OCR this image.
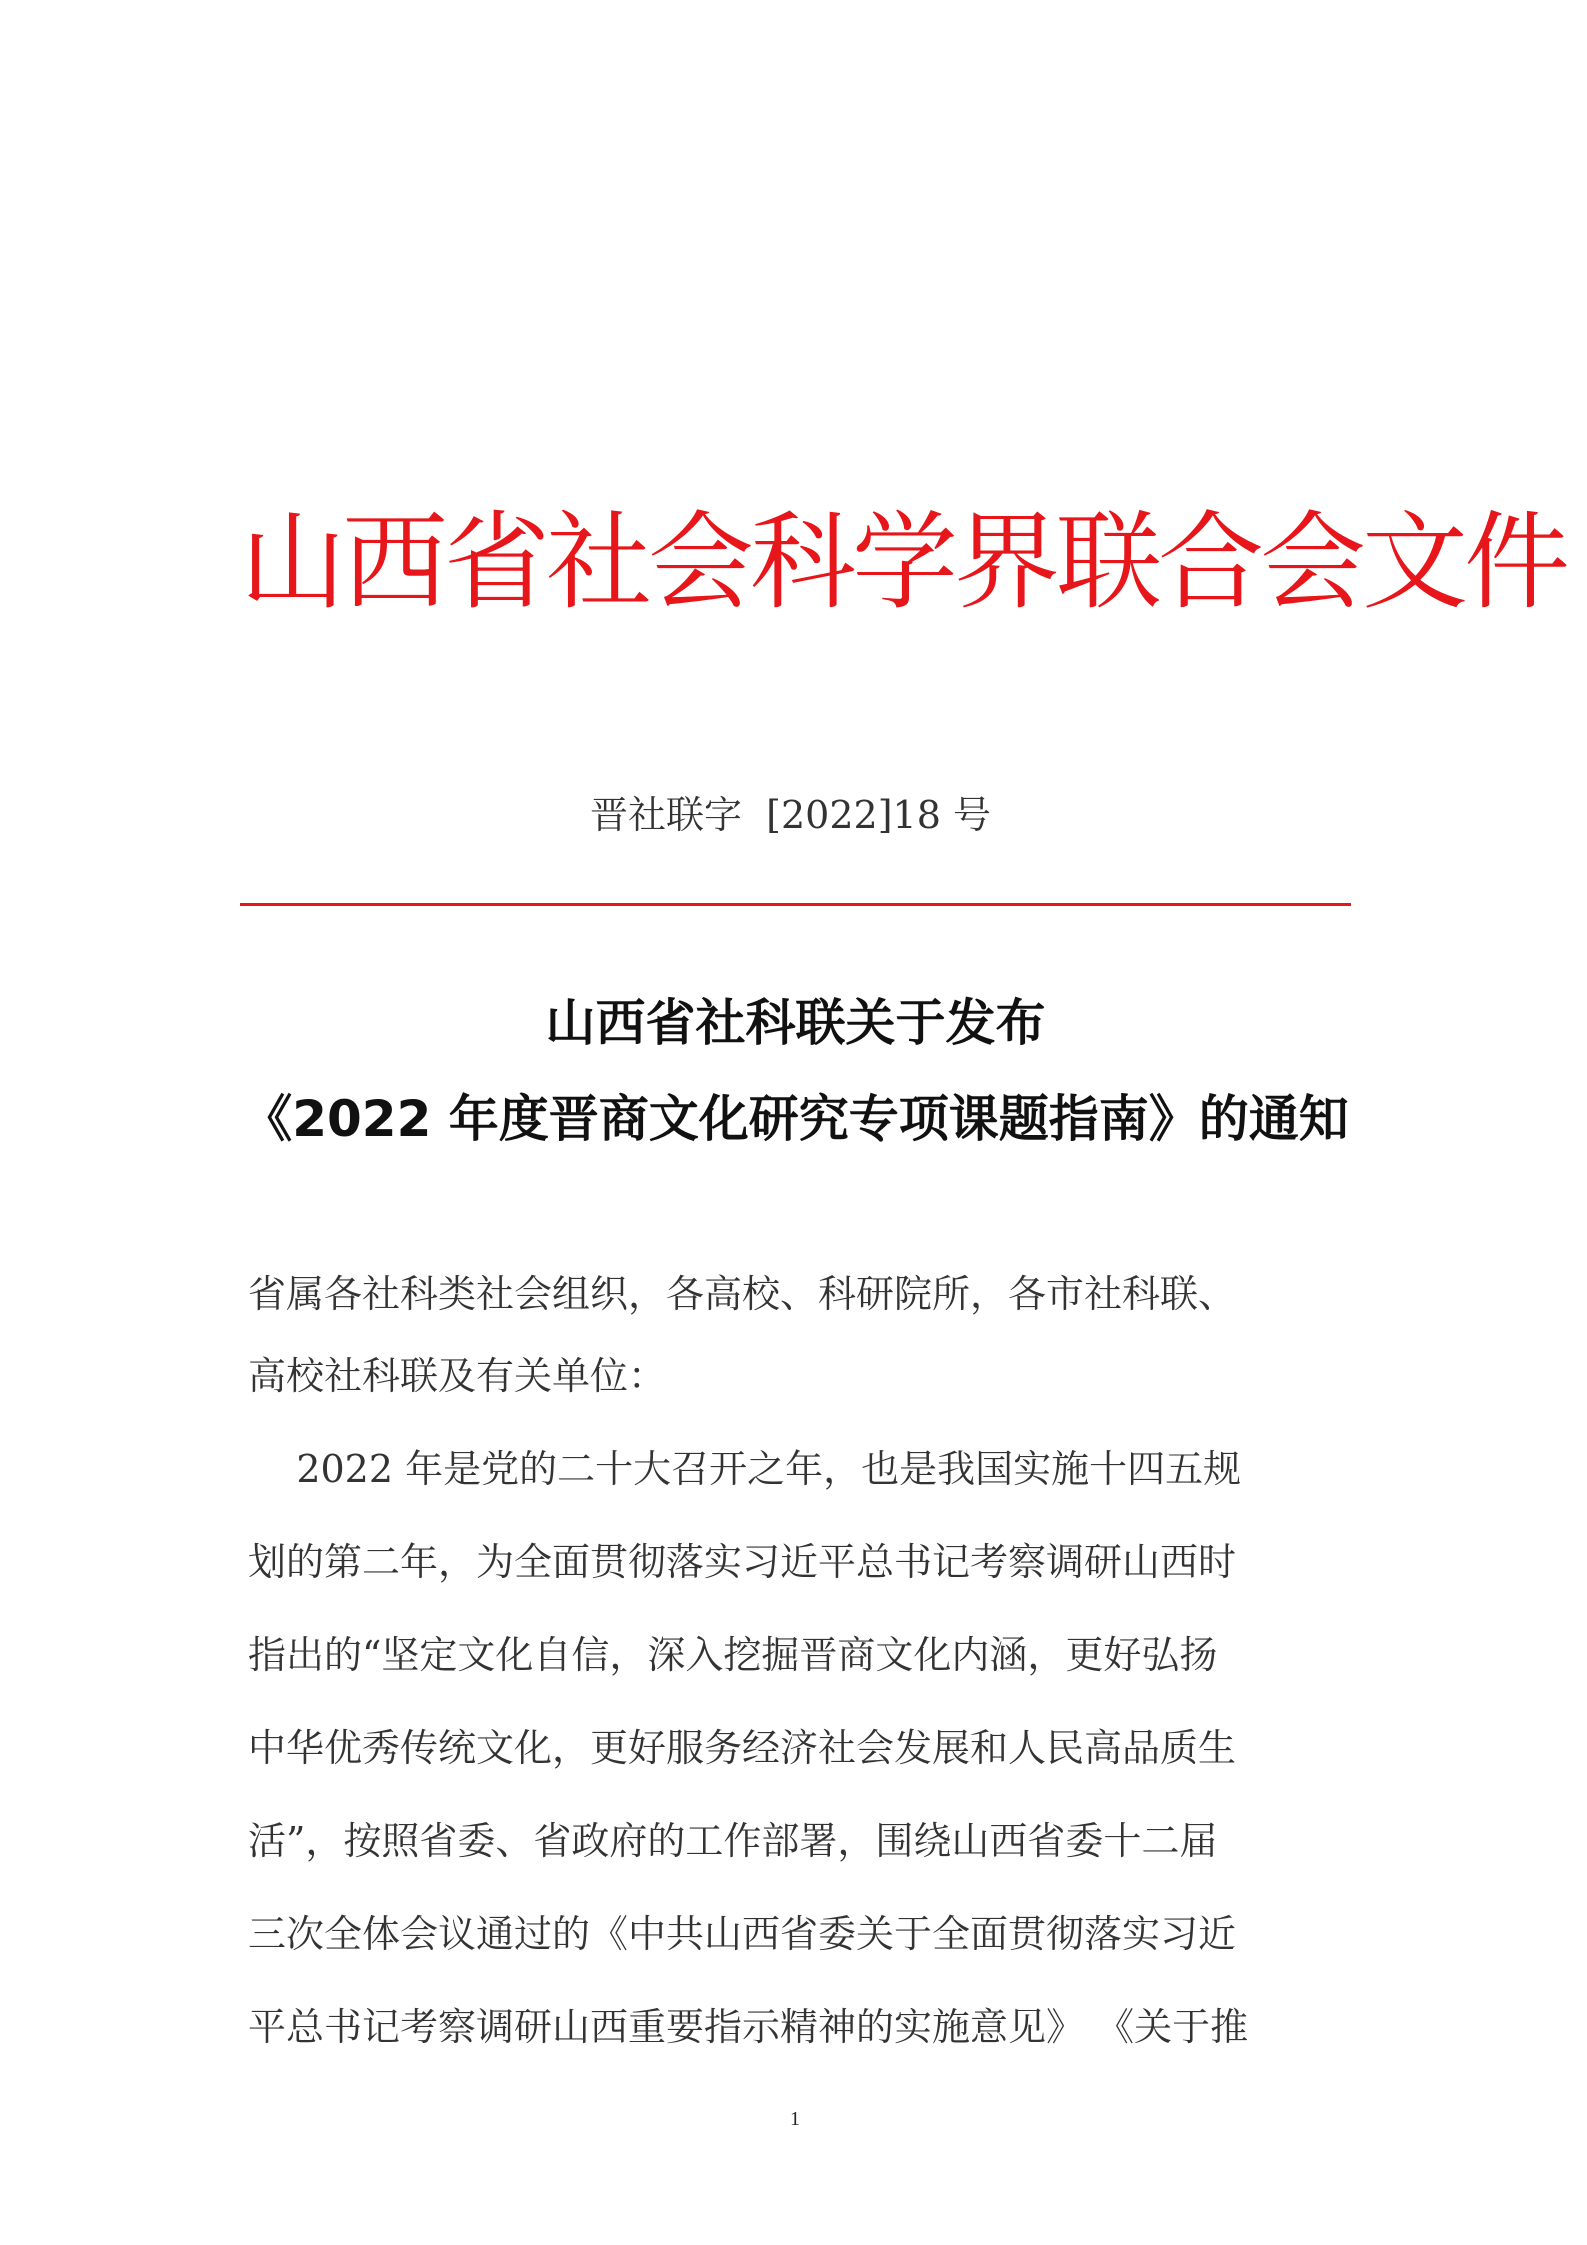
山西省社会科学界联合会文件
晋社联字  [2022]18 号
山西省社科联关于发布
《2022 年度晋商文化研究专项课题指南》的通知
省属各社科类社会组织，各高校、科研院所，各市社科联、
高校社科联及有关单位：
2022 年是党的二十大召开之年，也是我国实施十四五规
划的第二年，为全面贯彻落实习近平总书记考察调研山西时
指出的“坚定文化自信，深入挖掘晋商文化内涵，更好弘扬
中华优秀传统文化，更好服务经济社会发展和人民高品质生
活”，按照省委、省政府的工作部署，围绕山西省委十二届
三次全体会议通过的《中共山西省委关于全面贯彻落实习近
平总书记考察调研山西重要指示精神的实施意见》 《关于推
1
